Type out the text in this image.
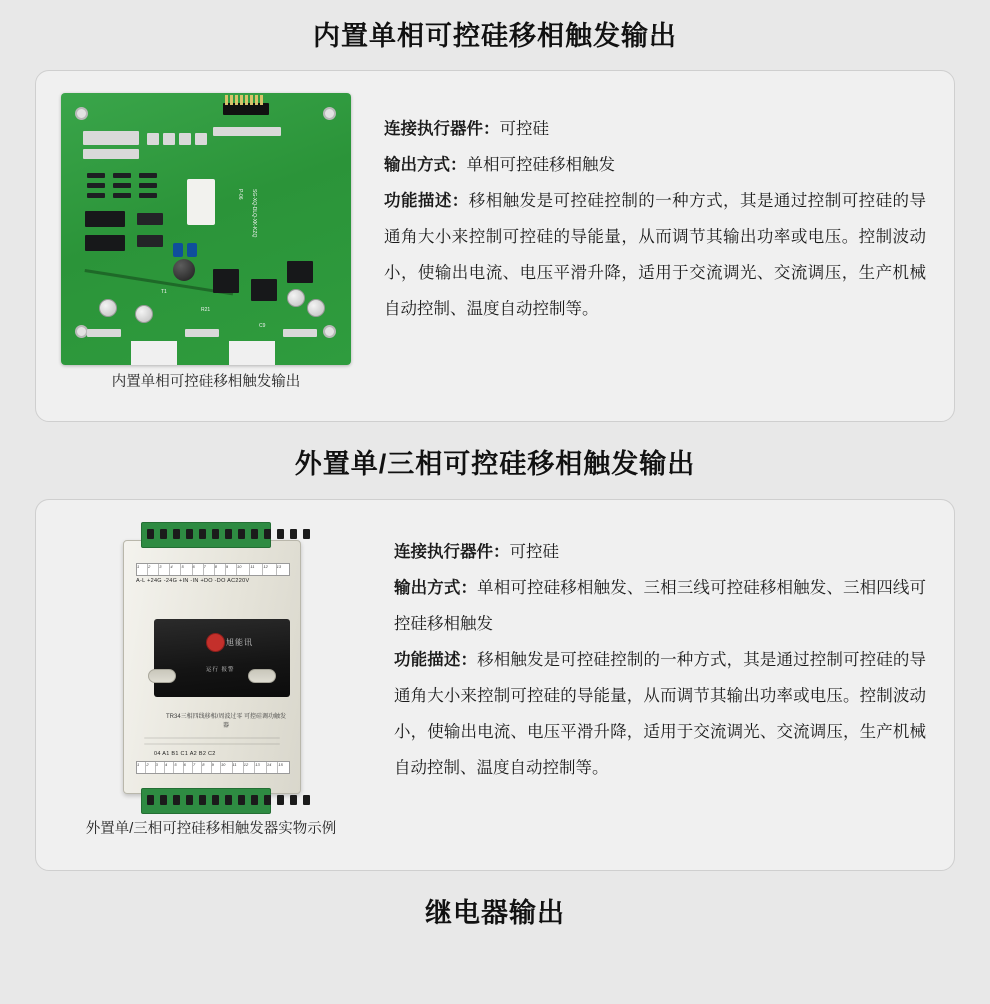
内置单相可控硅移相触发输出
SG-XQ-DLQ-XK-KZQ
P-06
T1
R21
C9
内置单相可控硅移相触发输出
连接执行器件：可控硅
输出方式：单相可控硅移相触发
功能描述：移相触发是可控硅控制的一种方式，其是通过控制可控硅的导通角大小来控制可控硅的导能量，从而调节其输出功率或电压。控制波动小，使输出电流、电压平滑升降，适用于交流调光、交流调压，生产机械自动控制、温度自动控制等。
外置单/三相可控硅移相触发输出
1	2	3	4	5	6	7	8	9	10	11	12	13
A-L +24G -24G +IN -IN +DO -DO AC220V
旭能讯
运行 报警
TR34三相四线移相/周波过零 可控硅调功触发器
04 A1 B1 C1 A2 B2 C2
1	2	3	4	5	6	7	8	9	10	11	12	13	14	15
外置单/三相可控硅移相触发器实物示例
连接执行器件：可控硅
输出方式：单相可控硅移相触发、三相三线可控硅移相触发、三相四线可控硅移相触发
功能描述：移相触发是可控硅控制的一种方式，其是通过控制可控硅的导通角大小来控制可控硅的导能量，从而调节其输出功率或电压。控制波动小，使输出电流、电压平滑升降，适用于交流调光、交流调压，生产机械自动控制、温度自动控制等。
继电器输出
